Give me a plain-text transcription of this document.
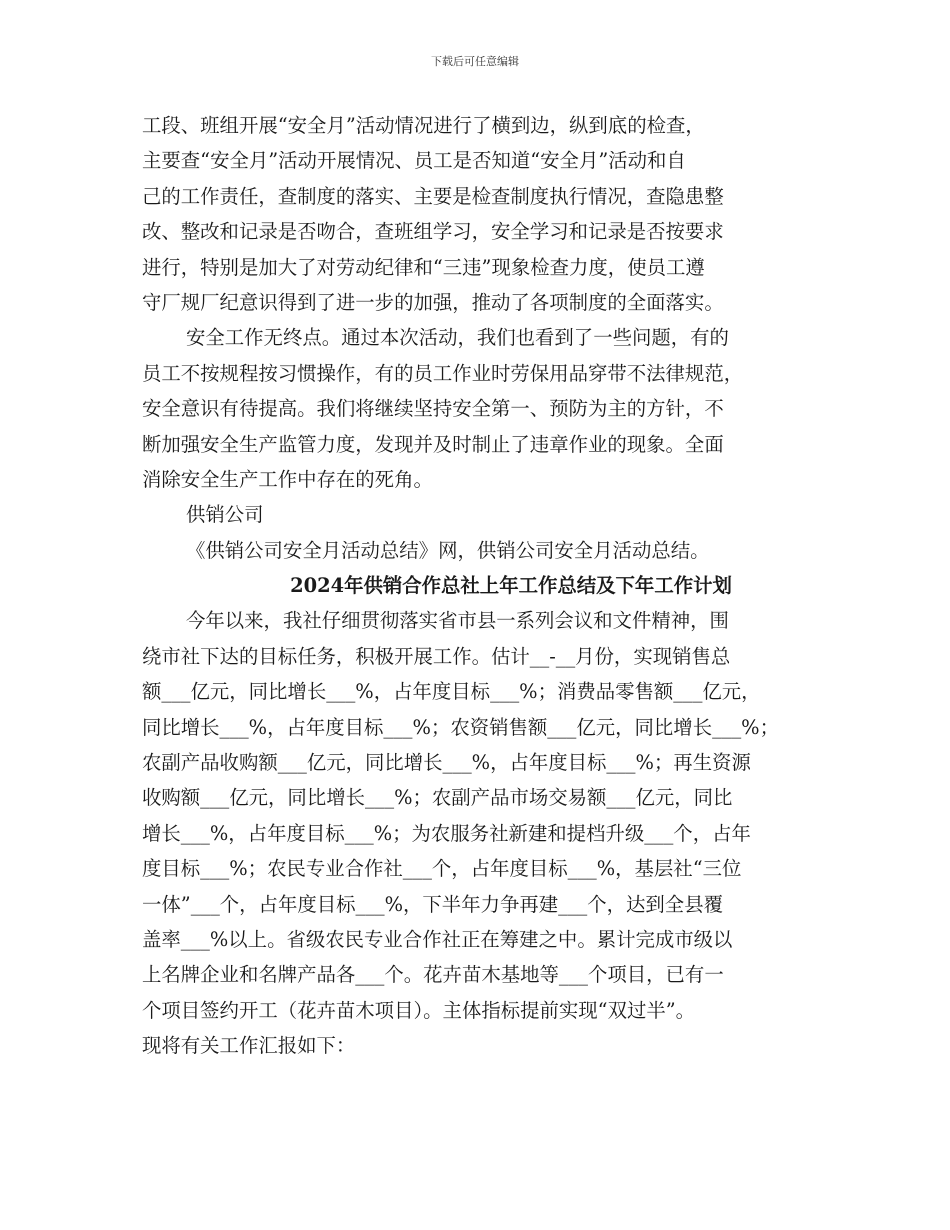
下载后可任意编辑
工段、班组开展“安全月”活动情况进行了横到边，纵到底的检查，
主要查“安全月”活动开展情况、员工是否知道“安全月”活动和自
己的工作责任，查制度的落实、主要是检查制度执行情况，查隐患整
改、整改和记录是否吻合，查班组学习，安全学习和记录是否按要求
进行，特别是加大了对劳动纪律和“三违”现象检查力度，使员工遵
守厂规厂纪意识得到了进一步的加强，推动了各项制度的全面落实。
安全工作无终点。通过本次活动，我们也看到了一些问题，有的
员工不按规程按习惯操作，有的员工作业时劳保用品穿带不法律规范，
安全意识有待提高。我们将继续坚持安全第一、预防为主的方针，不
断加强安全生产监管力度，发现并及时制止了违章作业的现象。全面
消除安全生产工作中存在的死角。
供销公司
《供销公司安全月活动总结》网，供销公司安全月活动总结。
2024年供销合作总社上年工作总结及下年工作计划
今年以来，我社仔细贯彻落实省市县一系列会议和文件精神，围
绕市社下达的目标任务，积极开展工作。估计__-__月份，实现销售总
额___亿元，同比增长___%，占年度目标___%；消费品零售额___亿元，
同比增长___%，占年度目标___%；农资销售额___亿元，同比增长___%；
农副产品收购额___亿元，同比增长___%，占年度目标___%；再生资源
收购额___亿元，同比增长___%；农副产品市场交易额___亿元，同比
增长___%，占年度目标___%；为农服务社新建和提档升级___个，占年
度目标___%；农民专业合作社___个，占年度目标___%，基层社“三位
一体”___个，占年度目标___%，下半年力争再建___个，达到全县覆
盖率___%以上。省级农民专业合作社正在筹建之中。累计完成市级以
上名牌企业和名牌产品各___个。花卉苗木基地等___个项目，已有一
个项目签约开工（花卉苗木项目）。主体指标提前实现“双过半”。
现将有关工作汇报如下：
